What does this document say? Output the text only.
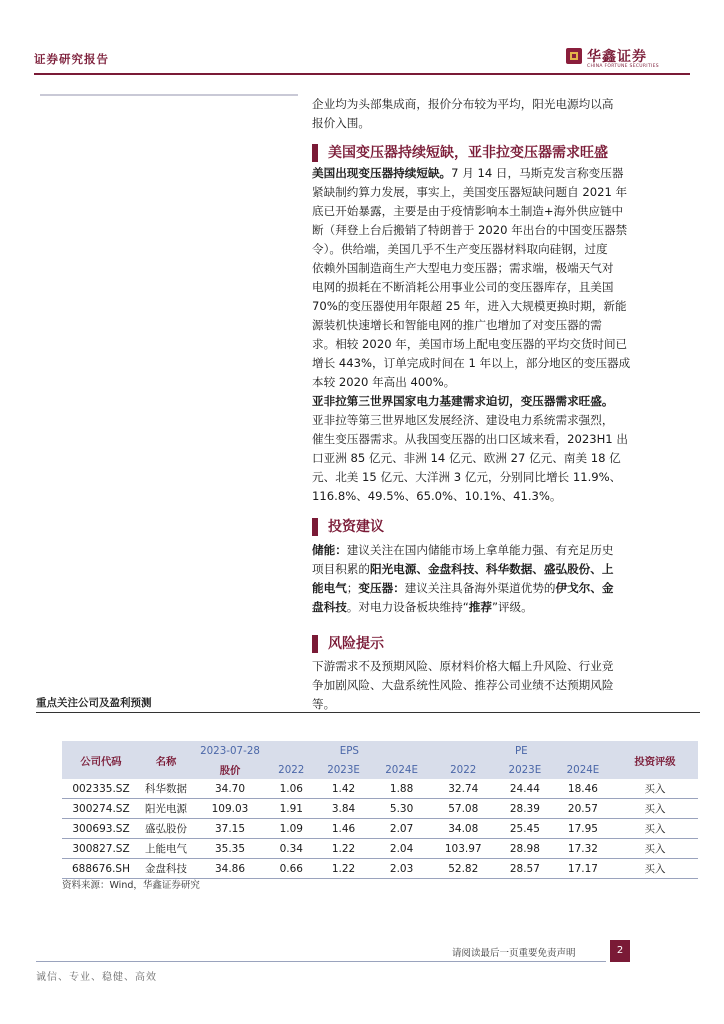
证券研究报告	华鑫证券
CHINA FORTUNE SECURITIES

企业均为头部集成商，报价分布较为平均，阳光电源均以高

报价入围。

美国变压器持续短缺，亚非拉变压器需求旺盛

美国出现变压器持续短缺。7 月 14 日，马斯克发言称变压器

紧缺制约算力发展，事实上，美国变压器短缺问题自 2021 年

底已开始暴露，主要是由于疫情影响本土制造+海外供应链中

断（拜登上台后搬销了特朗普于 2020 年出台的中国变压器禁

令）。供给端，美国几乎不生产变压器材料取向硅钢，过度

依赖外国制造商生产大型电力变压器；需求端，极端天气对

电网的损耗在不断消耗公用事业公司的变压器库存，且美国

70%的变压器使用年限超 25 年，进入大规模更换时期，新能

源装机快速增长和智能电网的推广也增加了对变压器的需

求。相较 2020 年，美国市场上配电变压器的平均交货时间已

增长 443%，订单完成时间在 1 年以上，部分地区的变压器成

本较 2020 年高出 400%。

亚非拉第三世界国家电力基建需求迫切，变压器需求旺盛。

亚非拉等第三世界地区发展经济、建设电力系统需求强烈，

催生变压器需求。从我国变压器的出口区域来看，2023H1 出

口亚洲 85 亿元、非洲 14 亿元、欧洲 27 亿元、南美 18 亿

元、北美 15 亿元、大洋洲 3 亿元，分别同比增长 11.9%、

116.8%、49.5%、65.0%、10.1%、41.3%。

投资建议

储能：建议关注在国内储能市场上拿单能力强、有充足历史

项目积累的阳光电源、金盘科技、科华数据、盛弘股份、上

能电气；变压器：建议关注具备海外渠道优势的伊戈尔、金

盘科技。对电力设备板块维持“推荐”评级。

风险提示

下游需求不及预期风险、原材料价格大幅上升风险、行业竞

争加剧风险、大盘系统性风险、推荐公司业绩不达预期风险

等。

重点关注公司及盈利预测
公司代码	名称	2023-07-28	EPS			PE			投资评级
		股价	2022	2023E	2024E	2022	2023E	2024E	
002335.SZ	科华数据	34.70	1.06	1.42	1.88	32.74	24.44	18.46	买入
300274.SZ	阳光电源	109.03	1.91	3.84	5.30	57.08	28.39	20.57	买入
300693.SZ	盛弘股份	37.15	1.09	1.46	2.07	34.08	25.45	17.95	买入
300827.SZ	上能电气	35.35	0.34	1.22	2.04	103.97	28.98	17.32	买入
688676.SH	金盘科技	34.86	0.66	1.22	2.03	52.82	28.57	17.17	买入
资料来源：Wind，华鑫证券研究
请阅读最后一页重要免责声明	2
诚信、专业、稳健、高效
